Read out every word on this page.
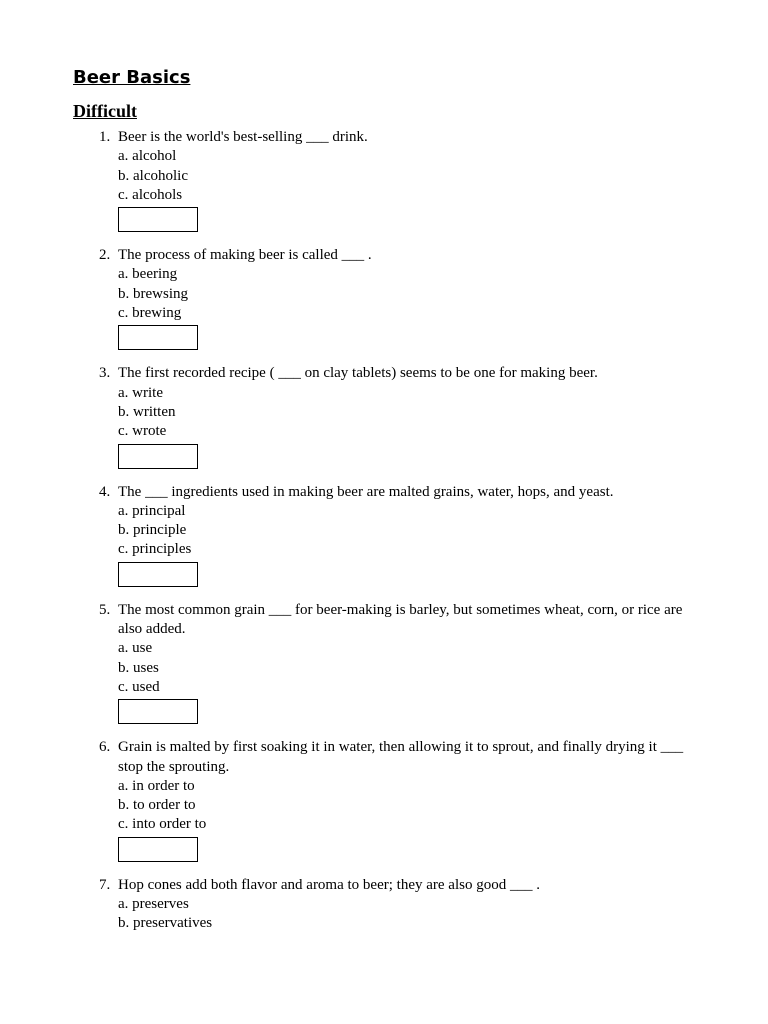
Beer Basics
Difficult
1. Beer is the world's best-selling ___ drink.
a. alcohol
b. alcoholic
c. alcohols
2. The process of making beer is called ___ .
a. beering
b. brewsing
c. brewing
3. The first recorded recipe ( ___ on clay tablets) seems to be one for making beer.
a. write
b. written
c. wrote
4. The ___ ingredients used in making beer are malted grains, water, hops, and yeast.
a. principal
b. principle
c. principles
5. The most common grain ___ for beer-making is barley, but sometimes wheat, corn, or rice are also added.
a. use
b. uses
c. used
6. Grain is malted by first soaking it in water, then allowing it to sprout, and finally drying it ___ stop the sprouting.
a. in order to
b. to order to
c. into order to
7. Hop cones add both flavor and aroma to beer; they are also good ___ .
a. preserves
b. preservatives
